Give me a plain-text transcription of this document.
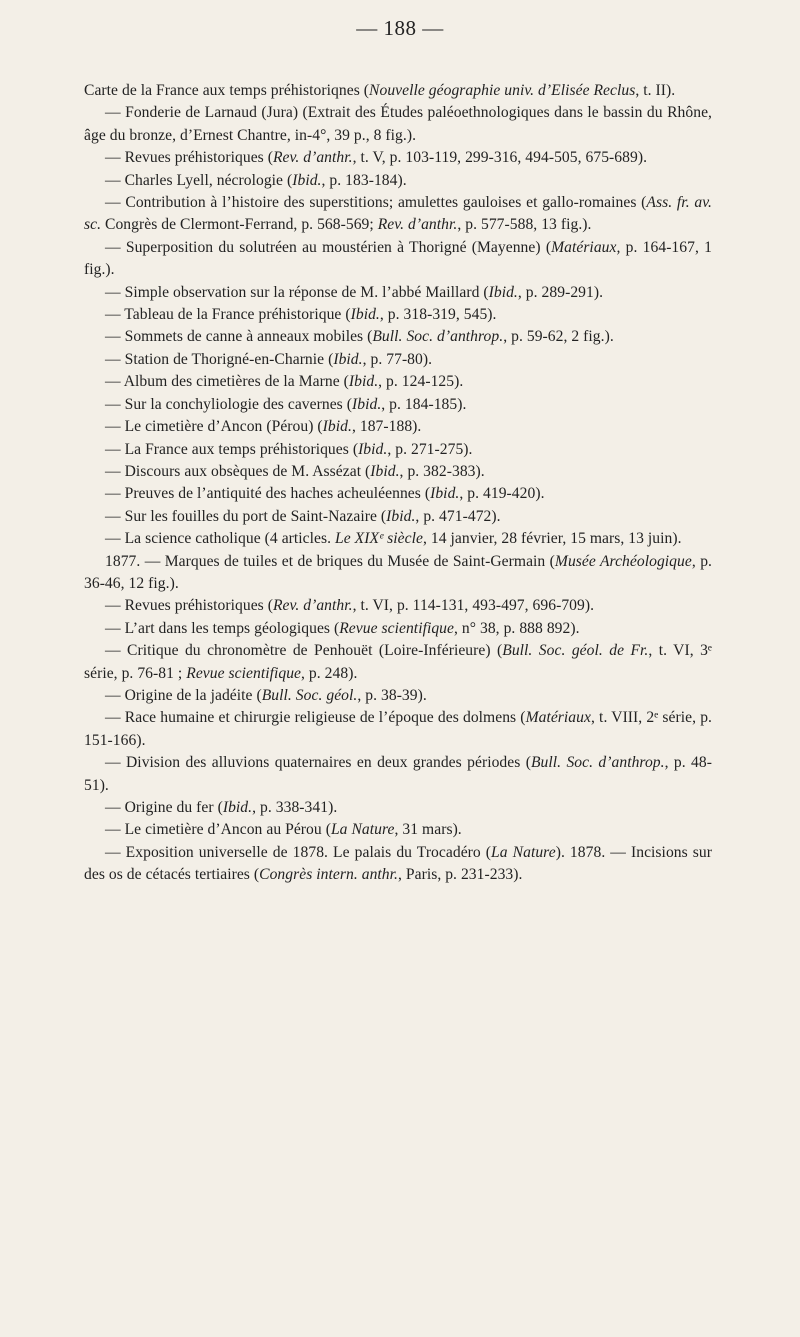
— 188 —

Carte de la France aux temps préhistoriqnes (Nouvelle géographie univ. d’Elisée Reclus, t. II).

— Fonderie de Larnaud (Jura) (Extrait des Études paléoethnologiques dans le bassin du Rhône, âge du bronze, d’Ernest Chantre, in-4°, 39 p., 8 fig.).

— Revues préhistoriques (Rev. d’anthr., t. V, p. 103-119, 299-316, 494-505, 675-689).

— Charles Lyell, nécrologie (Ibid., p. 183-184).

— Contribution à l’histoire des superstitions; amulettes gauloises et gallo-romaines (Ass. fr. av. sc. Congrès de Clermont-Ferrand, p. 568-569; Rev. d’anthr., p. 577-588, 13 fig.).

— Superposition du solutréen au moustérien à Thorigné (Mayenne) (Matériaux, p. 164-167, 1 fig.).

— Simple observation sur la réponse de M. l’abbé Maillard (Ibid., p. 289-291).

— Tableau de la France préhistorique (Ibid., p. 318-319, 545).

— Sommets de canne à anneaux mobiles (Bull. Soc. d’anthrop., p. 59-62, 2 fig.).

— Station de Thorigné-en-Charnie (Ibid., p. 77-80).

— Album des cimetières de la Marne (Ibid., p. 124-125).

— Sur la conchyliologie des cavernes (Ibid., p. 184-185).

— Le cimetière d’Ancon (Pérou) (Ibid., 187-188).

— La France aux temps préhistoriques (Ibid., p. 271-275).

— Discours aux obsèques de M. Assézat (Ibid., p. 382-383).

— Preuves de l’antiquité des haches acheuléennes (Ibid., p. 419-420).

— Sur les fouilles du port de Saint-Nazaire (Ibid., p. 471-472).

— La science catholique (4 articles. Le XIXᵉ siècle, 14 janvier, 28 février, 15 mars, 13 juin).

1877. — Marques de tuiles et de briques du Musée de Saint-Germain (Musée Archéologique, p. 36-46, 12 fig.).

— Revues préhistoriques (Rev. d’anthr., t. VI, p. 114-131, 493-497, 696-709).

— L’art dans les temps géologiques (Revue scientifique, n° 38, p. 888 892).

— Critique du chronomètre de Penhouët (Loire-Inférieure) (Bull. Soc. géol. de Fr., t. VI, 3ᵉ série, p. 76-81 ; Revue scientifique, p. 248).

— Origine de la jadéite (Bull. Soc. géol., p. 38-39).

— Race humaine et chirurgie religieuse de l’époque des dolmens (Matériaux, t. VIII, 2ᵉ série, p. 151-166).

— Division des alluvions quaternaires en deux grandes périodes (Bull. Soc. d’anthrop., p. 48-51).

— Origine du fer (Ibid., p. 338-341).

— Le cimetière d’Ancon au Pérou (La Nature, 31 mars).

— Exposition universelle de 1878. Le palais du Trocadéro (La Nature). 1878. — Incisions sur des os de cétacés tertiaires (Congrès intern. anthr., Paris, p. 231-233).
